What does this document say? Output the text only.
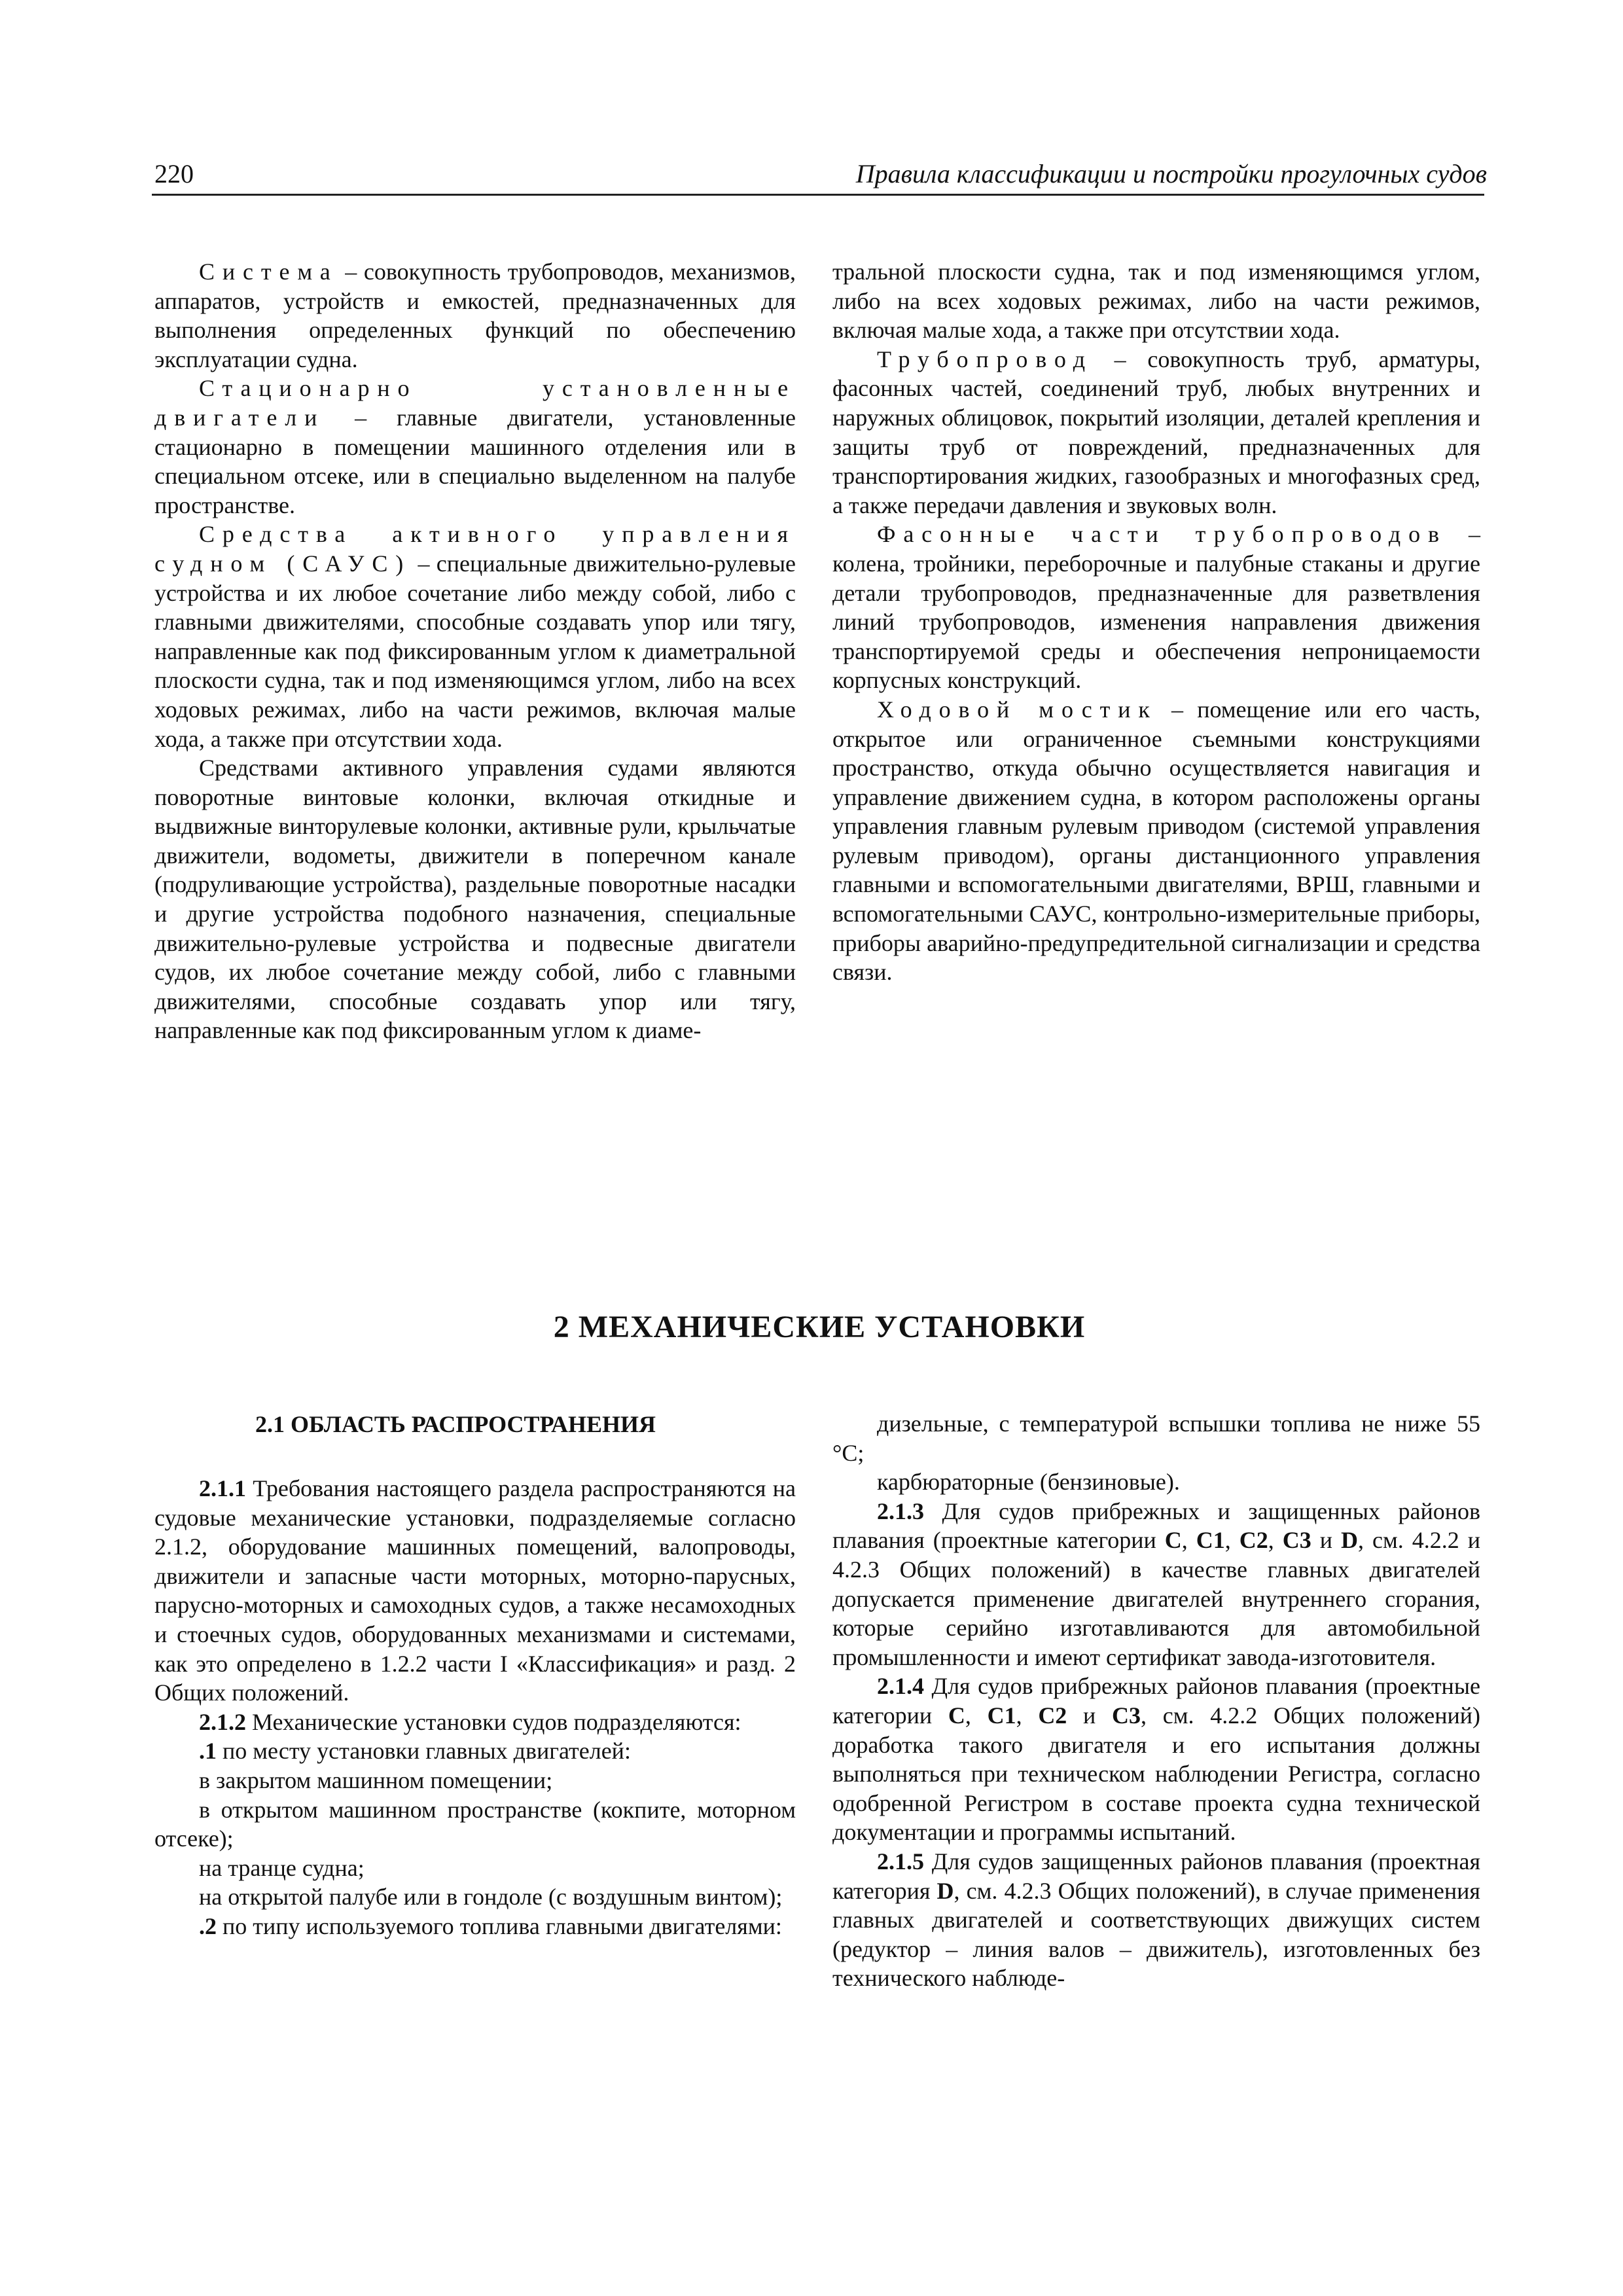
220	Правила классификации и постройки прогулочных судов

Система – совокупность трубопроводов, механизмов, аппаратов, устройств и емкостей, предназначенных для выполнения определенных функций по обеспечению эксплуатации судна.

Стационарно установленные двигатели – главные двигатели, установленные стационарно в помещении машинного отделения или в специальном отсеке, или в специально выделенном на палубе пространстве.

Средства активного управления судном (САУС) – специальные движительно-рулевые устройства и их любое сочетание либо между собой, либо с главными движителями, способные создавать упор или тягу, направленные как под фиксированным углом к диаметральной плоскости судна, так и под изменяющимся углом, либо на всех ходовых режимах, либо на части режимов, включая малые хода, а также при отсутствии хода.

Средствами активного управления судами являются поворотные винтовые колонки, включая откидные и выдвижные винторулевые колонки, активные рули, крыльчатые движители, водометы, движители в поперечном канале (подруливающие устройства), раздельные поворотные насадки и другие устройства подобного назначения, специальные движительно-рулевые устройства и подвесные двигатели судов, их любое сочетание между собой, либо с главными движителями, способные создавать упор или тягу, направленные как под фиксированным углом к диаме-

тральной плоскости судна, так и под изменяющимся углом, либо на всех ходовых режимах, либо на части режимов, включая малые хода, а также при отсутствии хода.

Трубопровод – совокупность труб, арматуры, фасонных частей, соединений труб, любых внутренних и наружных облицовок, покрытий изоляции, деталей крепления и защиты труб от повреждений, предназначенных для транспортирования жидких, газообразных и многофазных сред, а также передачи давления и звуковых волн.

Фасонные части трубопроводов – колена, тройники, переборочные и палубные стаканы и другие детали трубопроводов, предназначенные для разветвления линий трубопроводов, изменения направления движения транспортируемой среды и обеспечения непроницаемости корпусных конструкций.

Ходовой мостик – помещение или его часть, открытое или ограниченное съемными конструкциями пространство, откуда обычно осуществляется навигация и управление движением судна, в котором расположены органы управления главным рулевым приводом (системой управления рулевым приводом), органы дистанционного управления главными и вспомогательными двигателями, ВРШ, главными и вспомогательными САУС, контрольно-измерительные приборы, приборы аварийно-предупредительной сигнализации и средства связи.

2 МЕХАНИЧЕСКИЕ УСТАНОВКИ
2.1 ОБЛАСТЬ РАСПРОСТРАНЕНИЯ

2.1.1 Требования настоящего раздела распространяются на судовые механические установки, подразделяемые согласно 2.1.2, оборудование машинных помещений, валопроводы, движители и запасные части моторных, моторно-парусных, парусно-моторных и самоходных судов, а также несамоходных и стоечных судов, оборудованных механизмами и системами, как это определено в 1.2.2 части I «Классификация» и разд. 2 Общих положений.

2.1.2 Механические установки судов подразделяются:

.1 по месту установки главных двигателей:

в закрытом машинном помещении;

в открытом машинном пространстве (кокпите, моторном отсеке);

на транце судна;

на открытой палубе или в гондоле (с воздушным винтом);

.2 по типу используемого топлива главными двигателями:

дизельные, с температурой вспышки топлива не ниже 55 °С;

карбюраторные (бензиновые).

2.1.3 Для судов прибрежных и защищенных районов плавания (проектные категории С, С1, С2, С3 и D, см. 4.2.2 и 4.2.3 Общих положений) в качестве главных двигателей допускается применение двигателей внутреннего сгорания, которые серийно изготавливаются для автомобильной промышленности и имеют сертификат завода-изготовителя.

2.1.4 Для судов прибрежных районов плавания (проектные категории С, С1, С2 и С3, см. 4.2.2 Общих положений) доработка такого двигателя и его испытания должны выполняться при техническом наблюдении Регистра, согласно одобренной Регистром в составе проекта судна технической документации и программы испытаний.

2.1.5 Для судов защищенных районов плавания (проектная категория D, см. 4.2.3 Общих положений), в случае применения главных двигателей и соответствующих движущих систем (редуктор – линия валов – движитель), изготовленных без технического наблюде-
